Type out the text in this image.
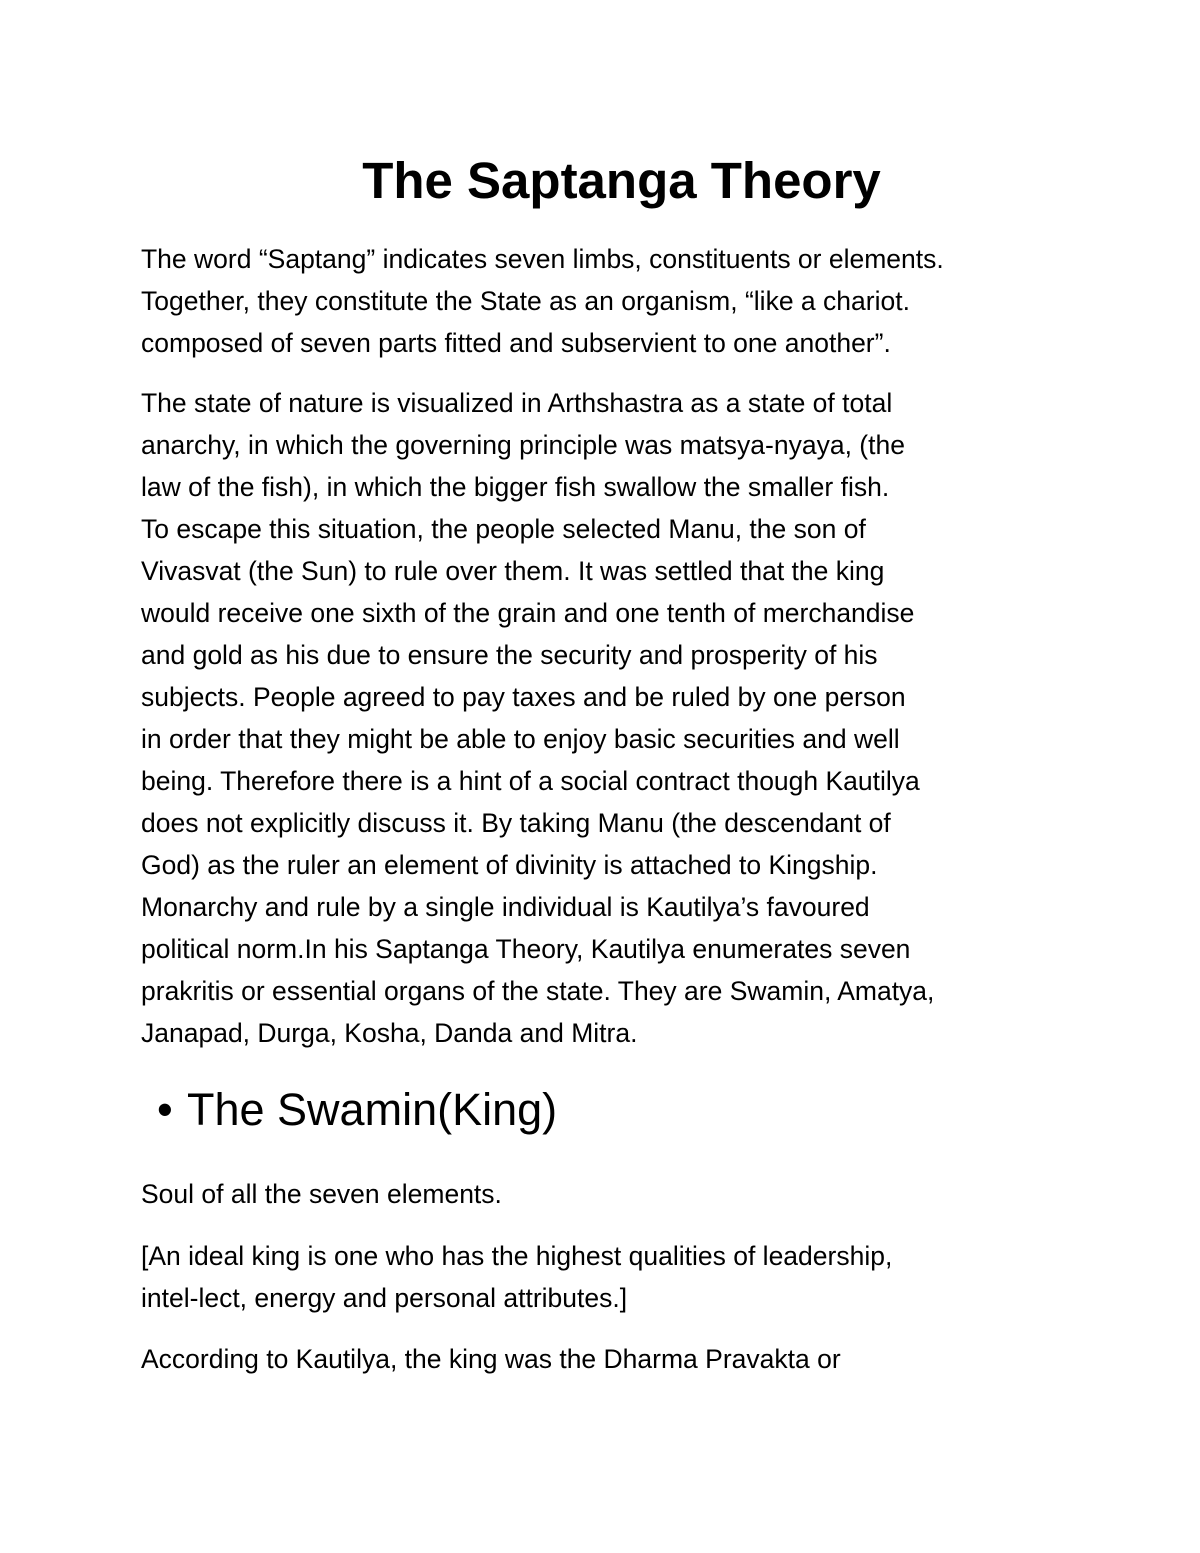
The Saptanga Theory

The word “Saptang” indicates seven limbs, constituents or elements.
Together, they constitute the State as an organism, “like a chariot.
composed of seven parts fitted and subservient to one another”.

The state of nature is visualized in Arthshastra as a state of total
anarchy, in which the governing principle was matsya-nyaya, (the
law of the fish), in which the bigger fish swallow the smaller fish.
To escape this situation, the people selected Manu, the son of
Vivasvat (the Sun) to rule over them. It was settled that the king
would receive one sixth of the grain and one tenth of merchandise
and gold as his due to ensure the security and prosperity of his
subjects. People agreed to pay taxes and be ruled by one person
in order that they might be able to enjoy basic securities and well
being. Therefore there is a hint of a social contract though Kautilya
does not explicitly discuss it. By taking Manu (the descendant of
God) as the ruler an element of divinity is attached to Kingship.
Monarchy and rule by a single individual is Kautilya’s favoured
political norm.In his Saptanga Theory, Kautilya enumerates seven
prakritis or essential organs of the state. They are Swamin, Amatya,
Janapad, Durga, Kosha, Danda and Mitra.

• The Swamin(King)

Soul of all the seven elements.

[An ideal king is one who has the highest qualities of leadership,
intel-lect, energy and personal attributes.]

According to Kautilya, the king was the Dharma Pravakta or
